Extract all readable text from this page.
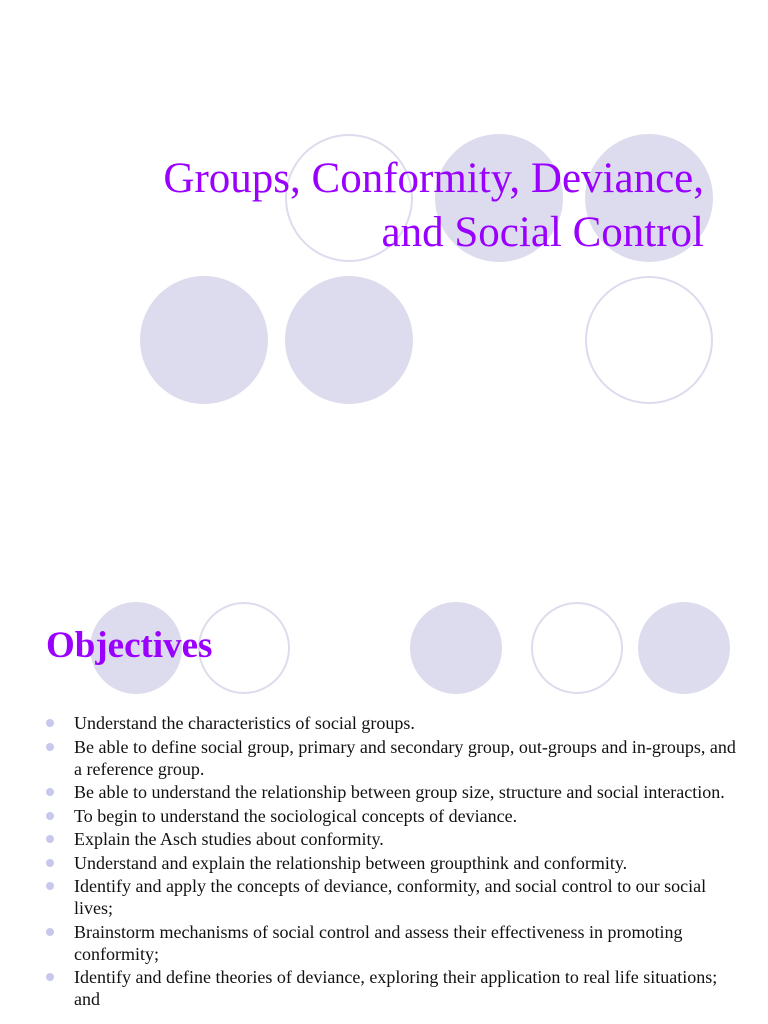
Groups, Conformity, Deviance,
and Social Control
Objectives
Understand the characteristics of social groups.
Be able to define social group, primary and secondary group, out-groups and in-groups, and a reference group.
Be able to understand the relationship between group size, structure and social interaction.
To begin to understand the sociological concepts of deviance.
Explain the Asch studies about conformity.
Understand and explain the relationship between groupthink and conformity.
Identify and apply the concepts of deviance, conformity, and social control to our social lives;
Brainstorm mechanisms of social control and assess their effectiveness in promoting conformity;
Identify and define theories of deviance, exploring their application to real life situations; and
